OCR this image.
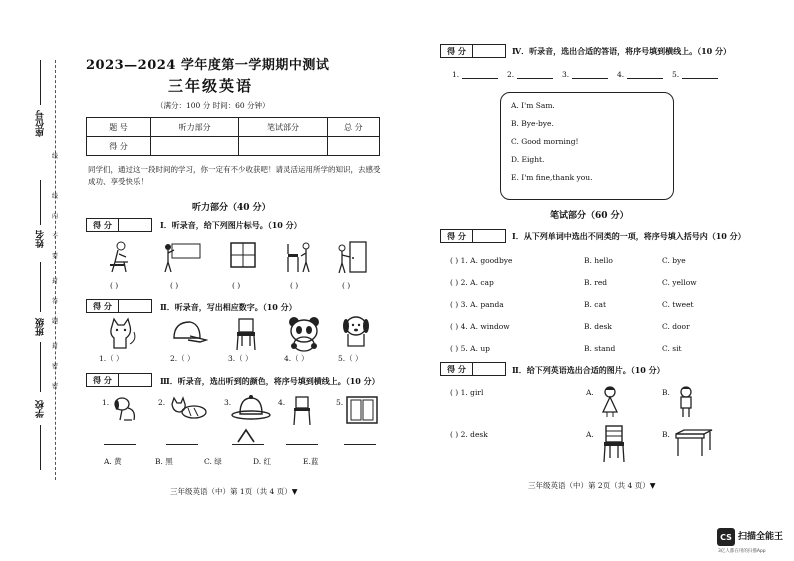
座位号
姓名
班级
学校
线
封
密
线
内
不
要
答
题
封
密
2023—2024 学年度第一学期期中测试
三年级英语
（满分：100 分 时间：60 分钟）
题 号	听力部分	笔试部分	总 分
得 分			
同学们，通过这一段时间的学习，你一定有不少收获吧！请灵活运用所学的知识，去感受成功、享受快乐！
听力部分（40 分）
得 分	Ⅰ．听录音，给下列图片标号。（10 分）
( )	( )	( )	( )	( )
得 分	Ⅱ．听录音，写出相应数字。（10 分）
1.（ ）	2.（ ）	3.（ ）	4.（ ）	5.（ ）
得 分	Ⅲ．听录音，选出听到的颜色，将序号填到横线上。（10 分）
1.	2.	3.	4.	5.
A. 黄	B. 黑	C. 绿	D. 红	E.蓝
三年级英语（中）第 1页（共 4 页）▼
得 分	Ⅳ．听录音，选出合适的答语，将序号填到横线上。（10 分）
1.	2.	3.	4.	5.
A. I'm Sam.
B. Bye-bye.
C. Good morning!
D. Eight.
E. I'm fine,thank you.
笔试部分（60 分）
得 分	Ⅰ．从下列单词中选出不同类的一项，将序号填入括号内（10 分）
( ) 1. A. goodbye	B. hello	C. bye
( ) 2. A. cap	B. red	C. yellow
( ) 3. A. panda	B. cat	C. tweet
( ) 4. A. window	B. desk	C. door
( ) 5. A. up	B. stand	C. sit
得 分	Ⅱ．给下列英语选出合适的图片。（10 分）
( ) 1. girl	A.	B.
( ) 2. desk	A.	B.
三年级英语（中）第 2页（共 4 页）▼
CS 扫描全能王
3亿人都在用的扫描App
